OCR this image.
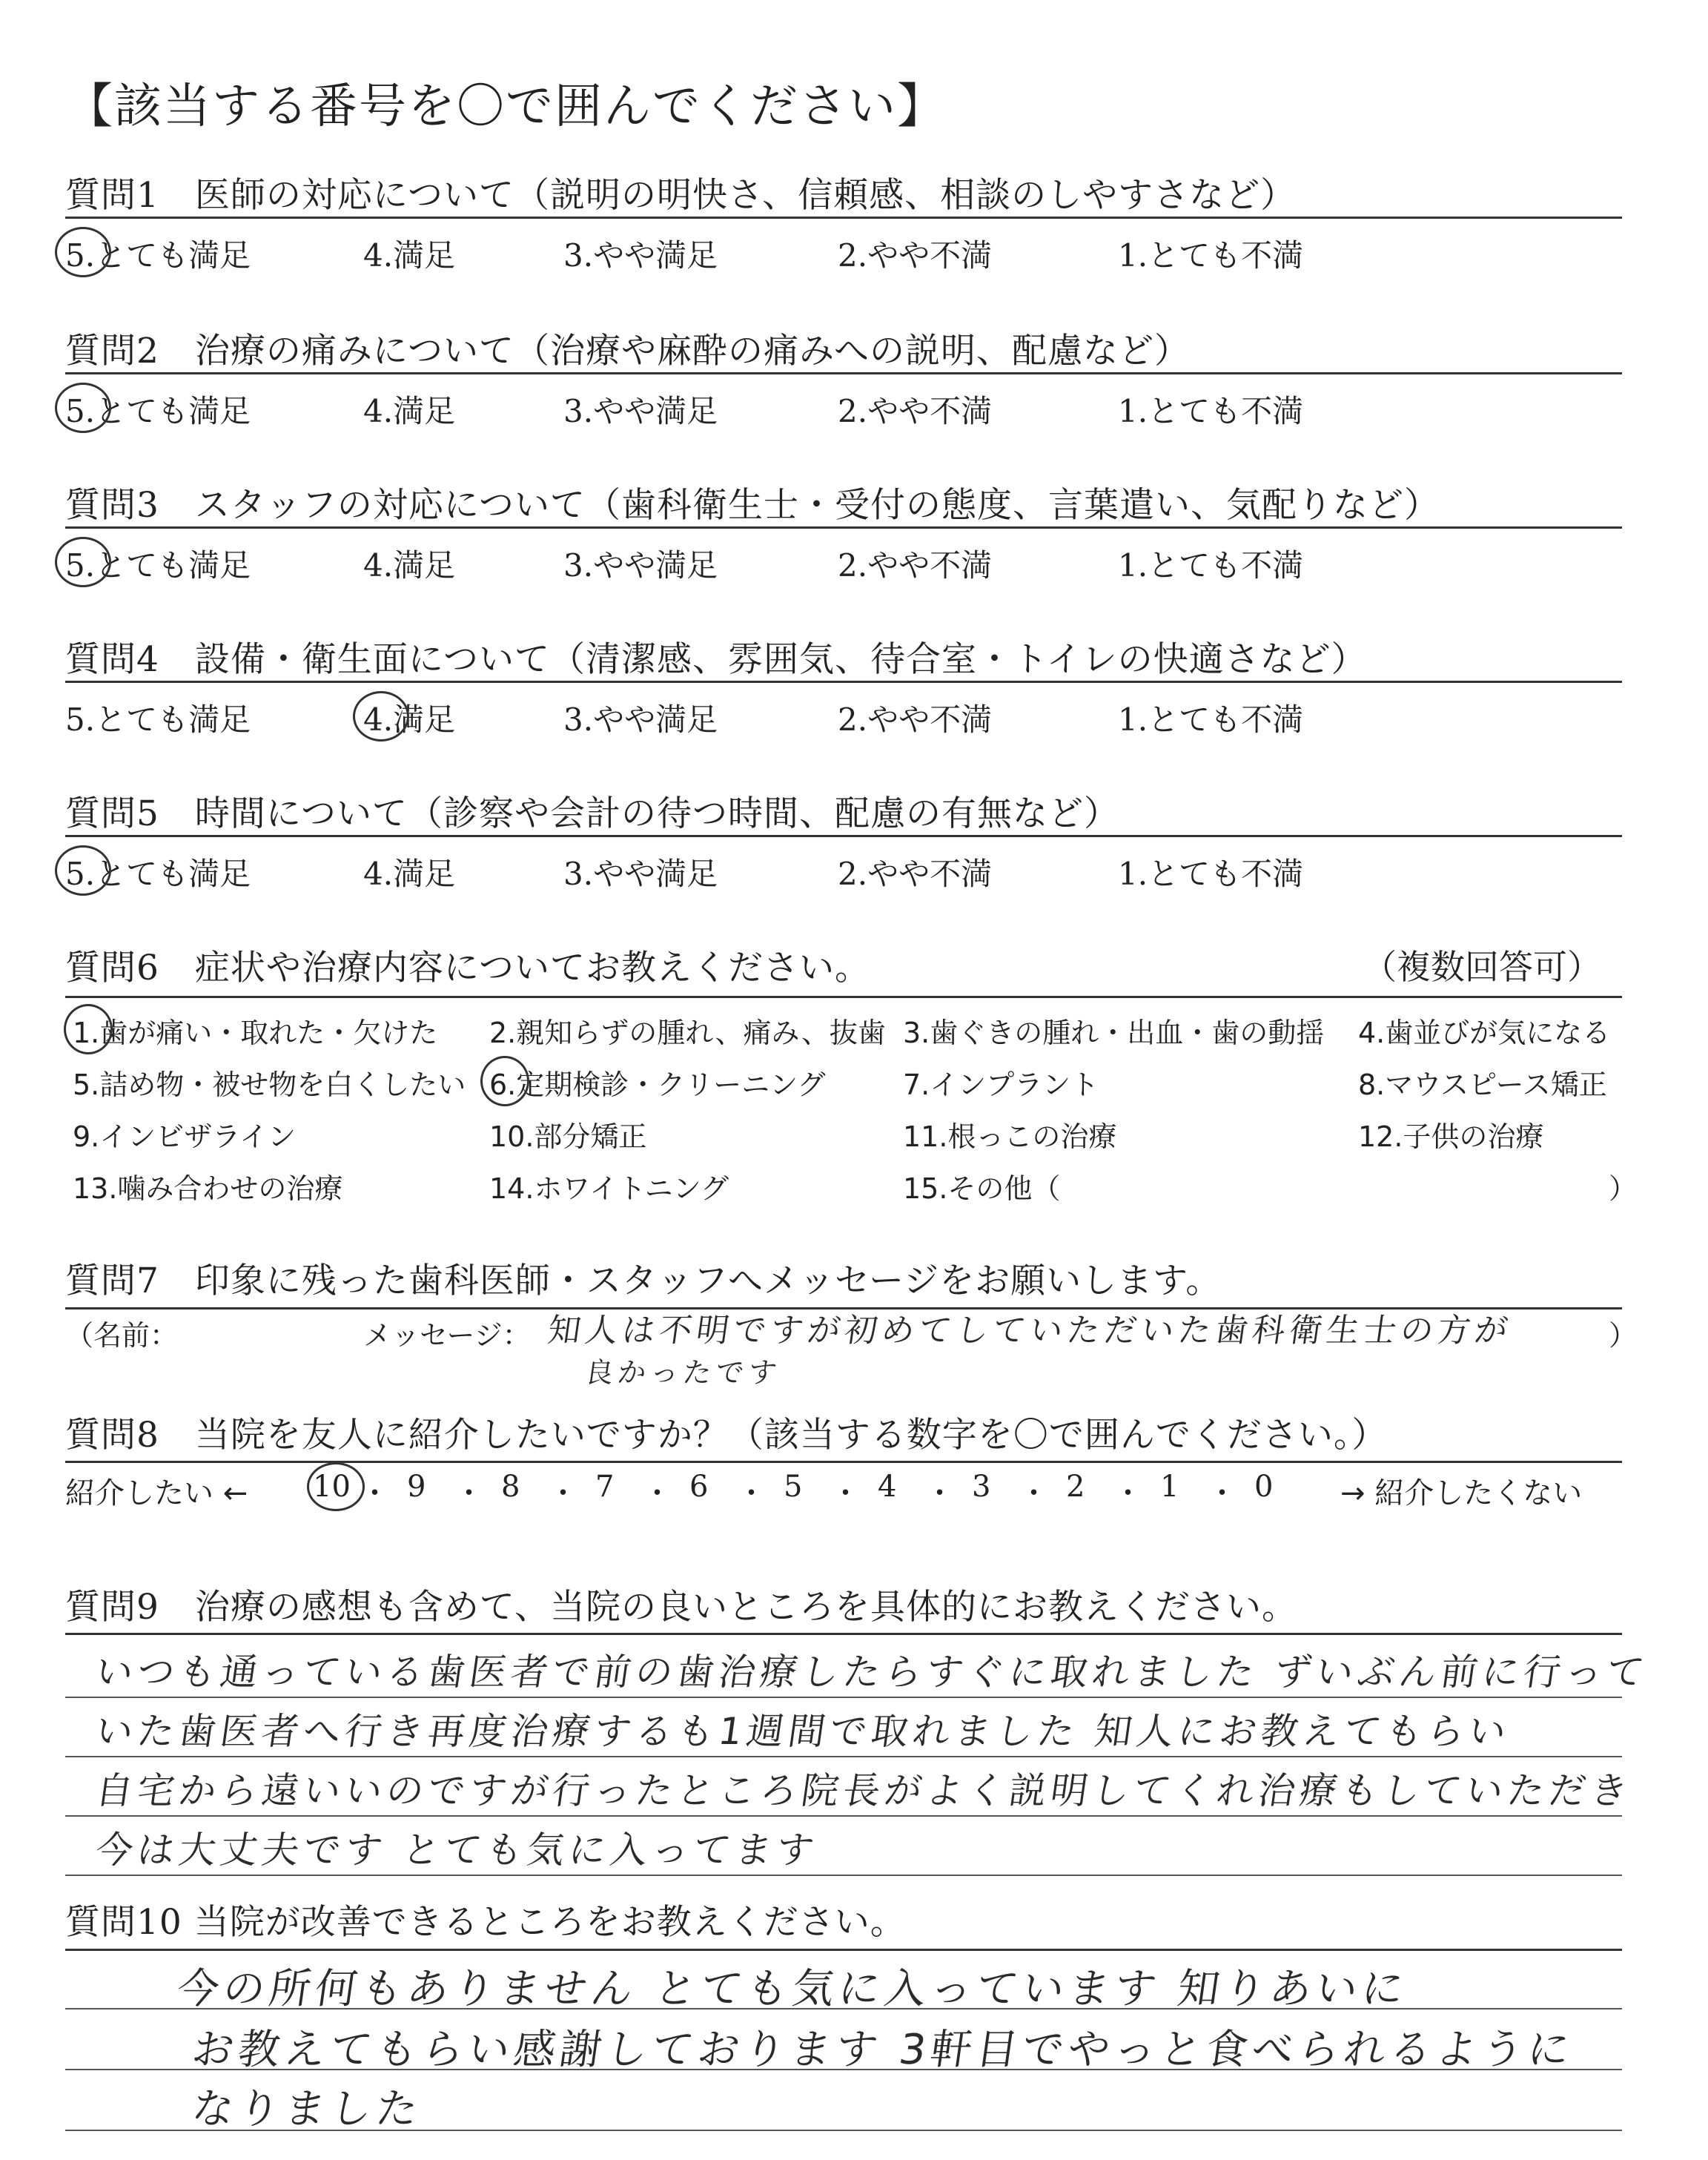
【該当する番号を〇で囲んでください】
質問1　医師の対応について（説明の明快さ、信頼感、相談のしやすさなど）
5.とても満足	4.満足	3.やや満足	2.やや不満	1.とても不満
質問2　治療の痛みについて（治療や麻酔の痛みへの説明、配慮など）
5.とても満足	4.満足	3.やや満足	2.やや不満	1.とても不満
質問3　スタッフの対応について（歯科衛生士・受付の態度、言葉遣い、気配りなど）
5.とても満足	4.満足	3.やや満足	2.やや不満	1.とても不満
質問4　設備・衛生面について（清潔感、雰囲気、待合室・トイレの快適さなど）
5.とても満足	4.満足	3.やや満足	2.やや不満	1.とても不満
質問5　時間について（診察や会計の待つ時間、配慮の有無など）
5.とても満足	4.満足	3.やや満足	2.やや不満	1.とても不満
質問6　症状や治療内容についてお教えください。	（複数回答可）
1.歯が痛い・取れた・欠けた 2.親知らずの腫れ、痛み、抜歯 3.歯ぐきの腫れ・出血・歯の動揺 4.歯並びが気になる
5.詰め物・被せ物を白くしたい 6.定期検診・クリーニング	7.インプラント	8.マウスピース矯正
9.インビザライン	10.部分矯正	11.根っこの治療	12.子供の治療
13.噛み合わせの治療	14.ホワイトニング	15.その他（	）
質問7　印象に残った歯科医師・スタッフへメッセージをお願いします。
（名前：	メッセージ： 知人は不明ですが初めてしていただいた歯科衛生士の方が
良かったです
）
質問8　当院を友人に紹介したいですか？（該当する数字を〇で囲んでください。）
紹介したい ← 10 ・ 9 ・ 8 ・ 7 ・ 6 ・ 5 ・ 4 ・ 3 ・ 2 ・ 1 ・ 0 → 紹介したくない
質問9　治療の感想も含めて、当院の良いところを具体的にお教えください。
いつも通っている歯医者で前の歯治療したらすぐに取れました ずいぶん前に行って
いた歯医者へ行き再度治療するも1週間で取れました 知人にお教えてもらい
自宅から遠いいのですが行ったところ院長がよく説明してくれ治療もしていただき
今は大丈夫です とても気に入ってます
質問10 当院が改善できるところをお教えください。
今の所何もありません とても気に入っています 知りあいに
お教えてもらい感謝しております 3軒目でやっと食べられるように
なりました
